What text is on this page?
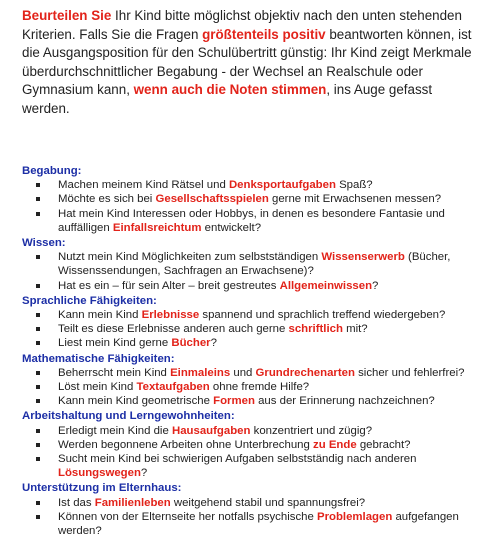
Beurteilen Sie Ihr Kind bitte möglichst objektiv nach den unten stehenden Kriterien. Falls Sie die Fragen größtenteils positiv beantworten können, ist die Ausgangsposition für den Schulübertritt günstig: Ihr Kind zeigt Merkmale überdurchschnittlicher Begabung - der Wechsel an Realschule oder Gymnasium kann, wenn auch die Noten stimmen, ins Auge gefasst werden.

Begabung:
Machen meinem Kind Rätsel und Denksportaufgaben Spaß?
Möchte es sich bei Gesellschaftsspielen gerne mit Erwachsenen messen?
Hat mein Kind Interessen oder Hobbys, in denen es besondere Fantasie und auffälligen Einfallsreichtum entwickelt?
Wissen:
Nutzt mein Kind Möglichkeiten zum selbstständigen Wissenserwerb (Bücher, Wissenssendungen, Sachfragen an Erwachsene)?
Hat es ein – für sein Alter – breit gestreutes Allgemeinwissen?
Sprachliche Fähigkeiten:
Kann mein Kind Erlebnisse spannend und sprachlich treffend wiedergeben?
Teilt es diese Erlebnisse anderen auch gerne schriftlich mit?
Liest mein Kind gerne Bücher?
Mathematische Fähigkeiten:
Beherrscht mein Kind Einmaleins und Grundrechenarten sicher und fehlerfrei?
Löst mein Kind Textaufgaben ohne fremde Hilfe?
Kann mein Kind geometrische Formen aus der Erinnerung nachzeichnen?
Arbeitshaltung und Lerngewohnheiten:
Erledigt mein Kind die Hausaufgaben konzentriert und zügig?
Werden begonnene Arbeiten ohne Unterbrechung zu Ende gebracht?
Sucht mein Kind bei schwierigen Aufgaben selbstständig nach anderen Lösungswegen?
Unterstützung im Elternhaus:
Ist das Familienleben weitgehend stabil und spannungsfrei?
Können von der Elternseite her notfalls psychische Problemlagen aufgefangen werden?
